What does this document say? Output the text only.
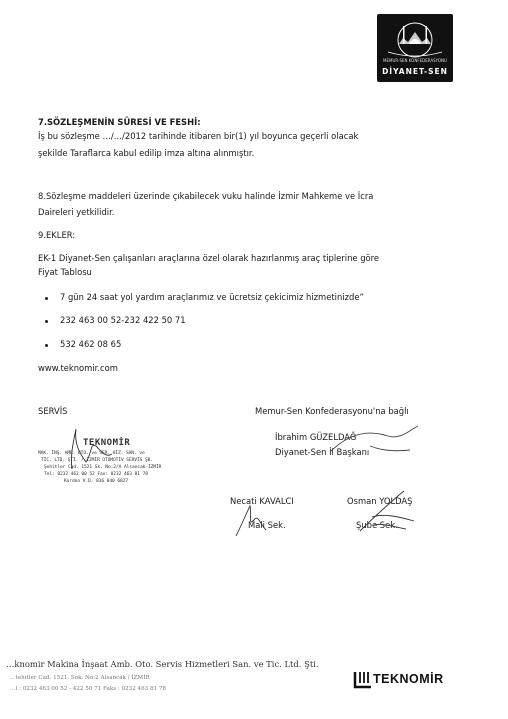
MEMUR-SEN KONFEDERASYONU
DİYANET-SEN
7.SÖZLEŞMENİN SÜRESİ VE FESHİ:
İş bu sözleşme …/…/2012 tarihinde itibaren bir(1) yıl boyunca geçerli olacak
şekilde Taraflarca kabul edilip imza altına alınmıştır.
8.Sözleşme maddeleri üzerinde çıkabilecek vuku halinde İzmir Mahkeme ve İcra
Daireleri yetkilidir.
9.EKLER:
EK-1 Diyanet-Sen çalışanları araçlarına özel olarak hazırlanmış araç tiplerine göre
Fiyat Tablosu
7 gün 24 saat yol yardım araçlarımız ve ücretsiz çekicimiz hizmetinizde”
232 463 00 52-232 422 50 71
532 462 08 65
www.teknomir.com
SERVİS	Memur-Sen Konfederasyonu'na bağlı
İbrahim GÜZELDAĞ
Diyanet-Sen İl Başkanı
Necati KAVALCI
Mali Sek.
Osman YOLDAŞ
Şube Sek.
TEKNOMİR
MAK. İNŞ. AMB. OTO. ve SER. HİZ. SAN. ve
TİC. LTD. ŞTİ. / İZMİR OTOMOTİV SERVİS ŞB.
Şehitler Cad. 1521 Sk. No:2/A Alsancak-İZMİR
Tel: 0232 463 00 52 Fax: 0232 463 81 78
Kordon V.D. 836 040 6827
…knomir Makina İnşaat Amb. Oto. Servis Hizmetleri San. ve Tic. Ltd. Şti.
…tehitler Cad. 1521. Sok. No:2 Alsancak / İZMİR
…l : 0232 463 00 52 - 422 50 71 Faks : 0232 463 81 78
TEKNOMİR
